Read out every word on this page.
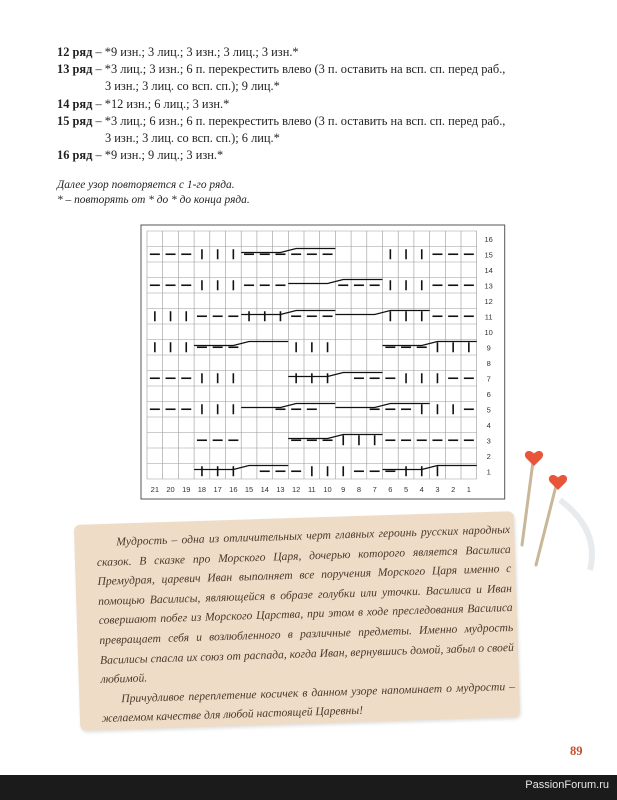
12 ряд – *9 изн.; 3 лиц.; 3 изн.; 3 лиц.; 3 изн.*
13 ряд – *3 лиц.; 3 изн.; 6 п. перекрестить влево (3 п. оставить на всп. сп. перед раб.,
3 изн.; 3 лиц. со всп. сп.); 9 лиц.*
14 ряд – *12 изн.; 6 лиц.; 3 изн.*
15 ряд – *3 лиц.; 6 изн.; 6 п. перекрестить влево (3 п. оставить на всп. сп. перед раб.,
3 изн.; 3 лиц. со всп. сп.); 6 лиц.*
16 ряд – *9 изн.; 9 лиц.; 3 изн.*
Далее узор повторяется с 1-го ряда.
* – повторять от * до * до конца ряда.
21 20 19 18 17 16 15 14 13 12 11 10 9 8 7 6 5 4 3 2 1
1
2
3
4
5
6
7
8
9
10
11
12
13
14
15
16

Мудрость – одна из отличительных черт главных героинь русских народных сказок. В сказке про Морского Царя, дочерью которого является Василиса Премудрая, царевич Иван выполняет все поручения Морского Царя именно с помощью Василисы, являющейся в образе голубки или уточки. Василиса и Иван совершают побег из Морского Царства, при этом в ходе преследования Василиса превращает себя и возлюбленного в различные предметы. Именно мудрость Василисы спасла их союз от распада, когда Иван, вернувшись домой, забыл о своей любимой.

Причудливое переплетение косичек в данном узоре напоминает о мудрости – желаемом качестве для любой настоящей Царевны!

89
PassionForum.ru
